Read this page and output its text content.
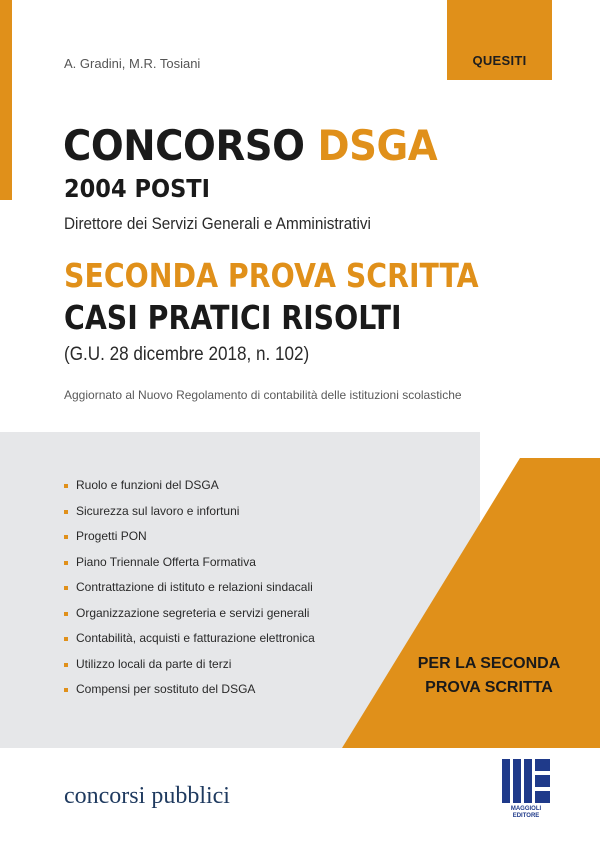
QUESITI
A. Gradini, M.R. Tosiani
CONCORSO DSGA
2004 POSTI
Direttore dei Servizi Generali e Amministrativi
SECONDA PROVA SCRITTA
CASI PRATICI RISOLTI
(G.U. 28 dicembre 2018, n. 102)
Aggiornato al Nuovo Regolamento di contabilità delle istituzioni scolastiche
Ruolo e funzioni del DSGA
Sicurezza sul lavoro e infortuni
Progetti PON
Piano Triennale Offerta Formativa
Contrattazione di istituto e relazioni sindacali
Organizzazione segreteria e servizi generali
Contabilità, acquisti e fatturazione elettronica
Utilizzo locali da parte di terzi
Compensi per sostituto del DSGA
PER LA SECONDA
PROVA SCRITTA
concorsi pubblici	MAGGIOLI
EDITORE
